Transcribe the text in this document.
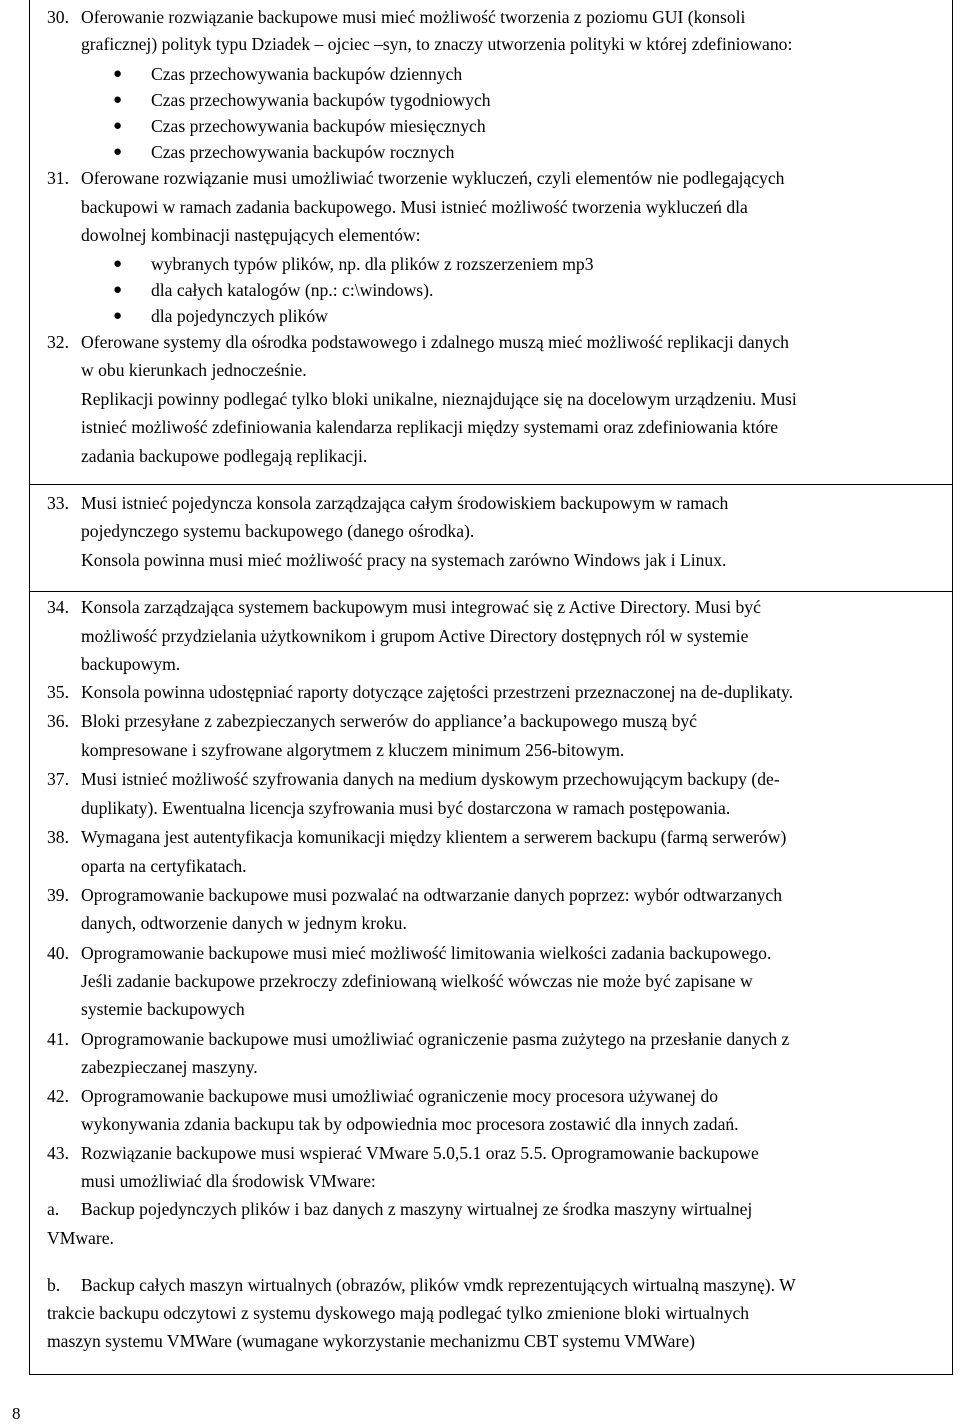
30. Oferowanie rozwiązanie backupowe musi mieć możliwość tworzenia z poziomu GUI (konsoli
graficznej) polityk typu Dziadek – ojciec –syn, to znaczy utworzenia polityki w której zdefiniowano:
● Czas przechowywania backupów dziennych
● Czas przechowywania backupów tygodniowych
● Czas przechowywania backupów miesięcznych
● Czas przechowywania backupów rocznych
31. Oferowane rozwiązanie musi umożliwiać tworzenie wykluczeń, czyli elementów nie podlegających
backupowi w ramach zadania backupowego. Musi istnieć możliwość tworzenia wykluczeń dla
dowolnej kombinacji następujących elementów:
● wybranych typów plików, np. dla plików z rozszerzeniem mp3
● dla całych katalogów (np.: c:\windows).
● dla pojedynczych plików
32. Oferowane systemy dla ośrodka podstawowego i zdalnego muszą mieć możliwość replikacji danych
w obu kierunkach jednocześnie.
Replikacji powinny podlegać tylko bloki unikalne, nieznajdujące się na docelowym urządzeniu. Musi
istnieć możliwość zdefiniowania kalendarza replikacji między systemami oraz zdefiniowania które
zadania backupowe podlegają replikacji.
33. Musi istnieć pojedyncza konsola zarządzająca całym środowiskiem backupowym w ramach
pojedynczego systemu backupowego (danego ośrodka).
Konsola powinna musi mieć możliwość pracy na systemach zarówno Windows jak i Linux.
34. Konsola zarządzająca systemem backupowym musi integrować się z Active Directory. Musi być
możliwość przydzielania użytkownikom i grupom Active Directory dostępnych ról w systemie
backupowym.
35. Konsola powinna udostępniać raporty dotyczące zajętości przestrzeni przeznaczonej na de-duplikaty.
36. Bloki przesyłane z zabezpieczanych serwerów do appliance’a backupowego muszą być
kompresowane i szyfrowane algorytmem z kluczem minimum 256-bitowym.
37. Musi istnieć możliwość szyfrowania danych na medium dyskowym przechowującym backupy (de-
duplikaty). Ewentualna licencja szyfrowania musi być dostarczona w ramach postępowania.
38. Wymagana jest autentyfikacja komunikacji między klientem a serwerem backupu (farmą serwerów)
oparta na certyfikatach.
39. Oprogramowanie backupowe musi pozwalać na odtwarzanie danych poprzez: wybór odtwarzanych
danych, odtworzenie danych w jednym kroku.
40. Oprogramowanie backupowe musi mieć możliwość limitowania wielkości zadania backupowego.
Jeśli zadanie backupowe przekroczy zdefiniowaną wielkość wówczas nie może być zapisane w
systemie backupowych
41. Oprogramowanie backupowe musi umożliwiać ograniczenie pasma zużytego na przesłanie danych z
zabezpieczanej maszyny.
42. Oprogramowanie backupowe musi umożliwiać ograniczenie mocy procesora używanej do
wykonywania zdania backupu tak by odpowiednia moc procesora zostawić dla innych zadań.
43. Rozwiązanie backupowe musi wspierać VMware 5.0,5.1 oraz 5.5. Oprogramowanie backupowe
musi umożliwiać dla środowisk VMware:
a. Backup pojedynczych plików i baz danych z maszyny wirtualnej ze środka maszyny wirtualnej
VMware.
b. Backup całych maszyn wirtualnych (obrazów, plików vmdk reprezentujących wirtualną maszynę). W
trakcie backupu odczytowi z systemu dyskowego mają podlegać tylko zmienione bloki wirtualnych
maszyn systemu VMWare (wumagane wykorzystanie mechanizmu CBT systemu VMWare)
8
